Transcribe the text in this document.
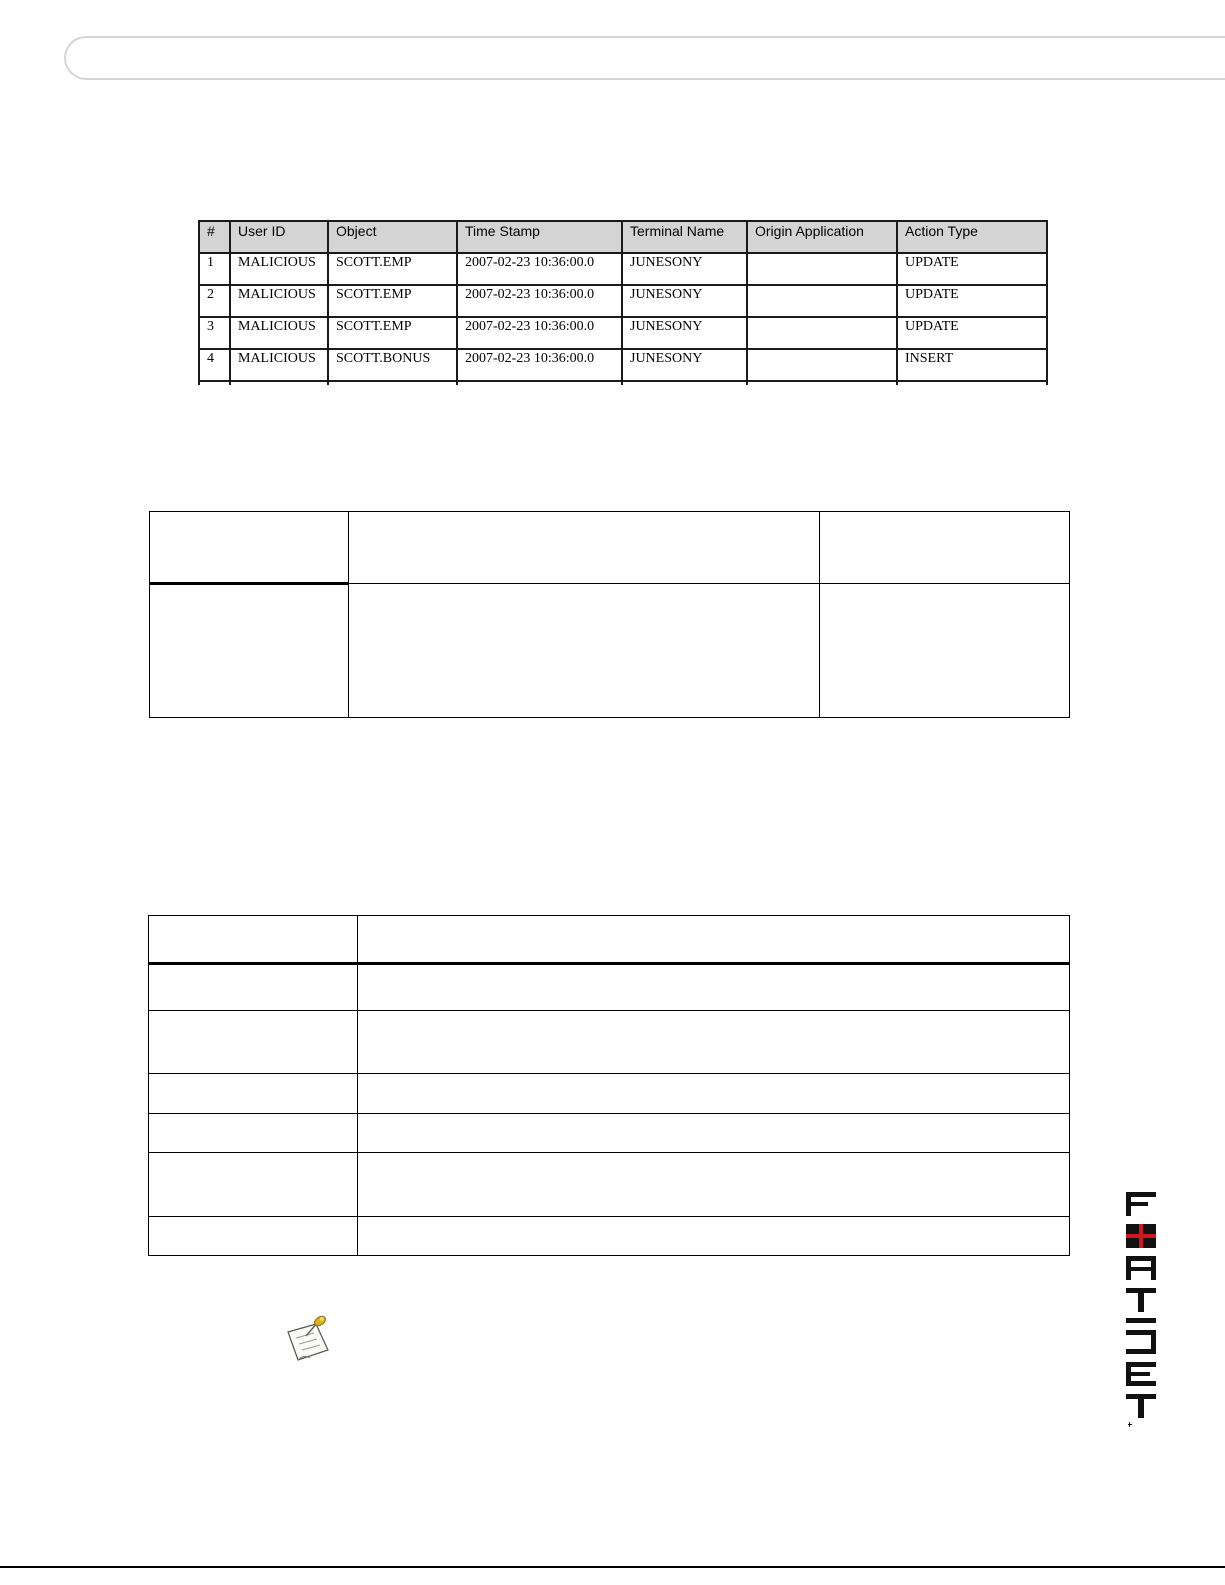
#	User ID	Object	Time Stamp	Terminal Name	Origin Application	Action Type
1	MALICIOUS	SCOTT.EMP	2007-02-23 10:36:00.0	JUNESONY		UPDATE
2	MALICIOUS	SCOTT.EMP	2007-02-23 10:36:00.0	JUNESONY		UPDATE
3	MALICIOUS	SCOTT.EMP	2007-02-23 10:36:00.0	JUNESONY		UPDATE
4	MALICIOUS	SCOTT.BONUS	2007-02-23 10:36:00.0	JUNESONY		INSERT
